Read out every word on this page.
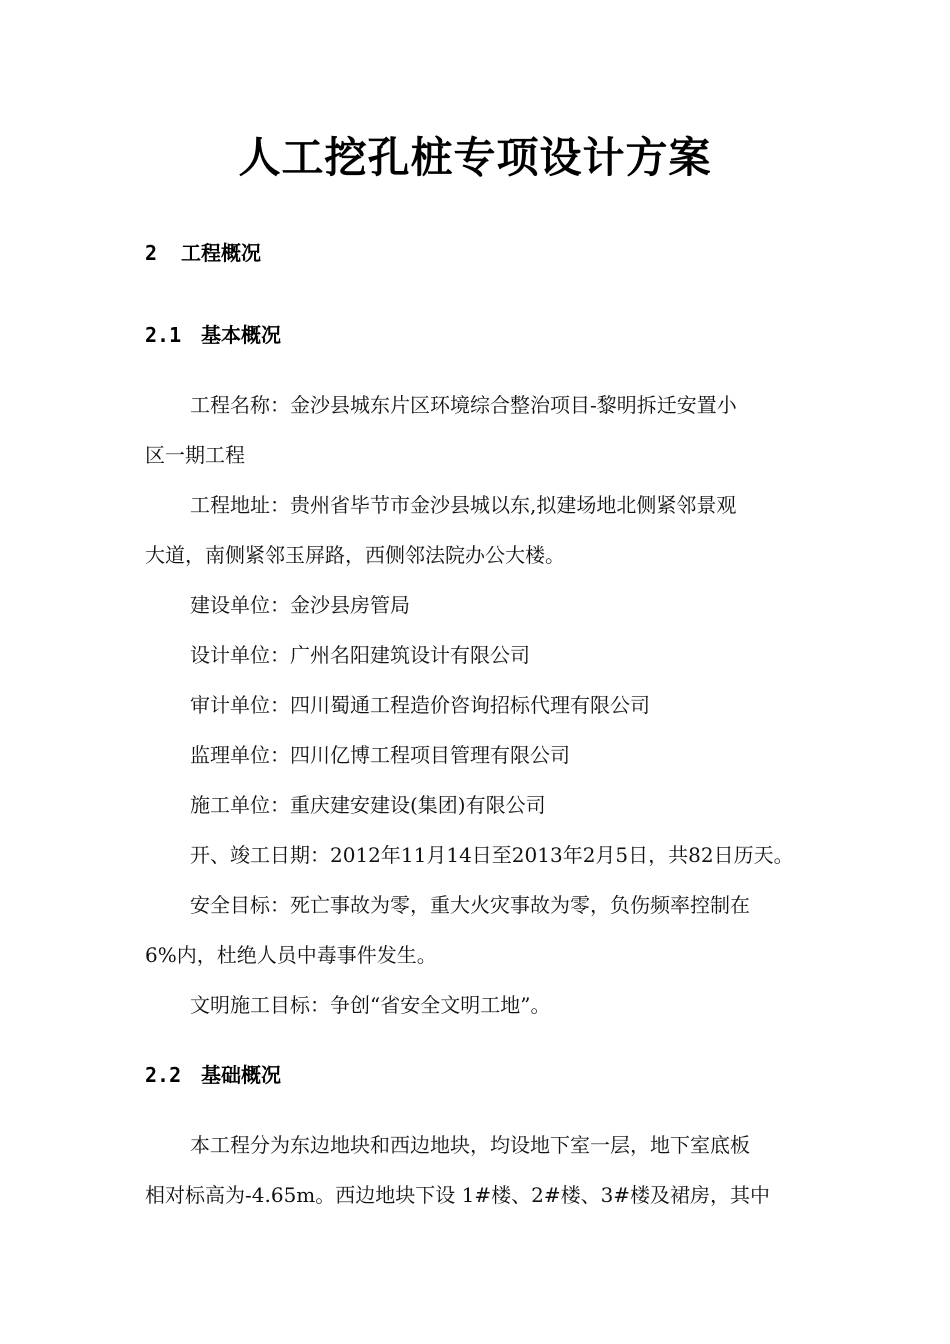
人工挖孔桩专项设计方案
2 工程概况
2.1 基本概况
工程名称：金沙县城东片区环境综合整治项目-黎明拆迁安置小
区一期工程
工程地址：贵州省毕节市金沙县城以东,拟建场地北侧紧邻景观
大道，南侧紧邻玉屏路，西侧邻法院办公大楼。
建设单位：金沙县房管局
设计单位：广州名阳建筑设计有限公司
审计单位：四川蜀通工程造价咨询招标代理有限公司
监理单位：四川亿博工程项目管理有限公司
施工单位：重庆建安建设(集团)有限公司
开、竣工日期：2012年11月14日至2013年2月5日，共82日历天。
安全目标：死亡事故为零，重大火灾事故为零，负伤频率控制在
6%内，杜绝人员中毒事件发生。
文明施工目标：争创“省安全文明工地”。
2.2 基础概况
本工程分为东边地块和西边地块，均设地下室一层，地下室底板
相对标高为-4.65m。西边地块下设 1#楼、2#楼、3#楼及裙房，其中
